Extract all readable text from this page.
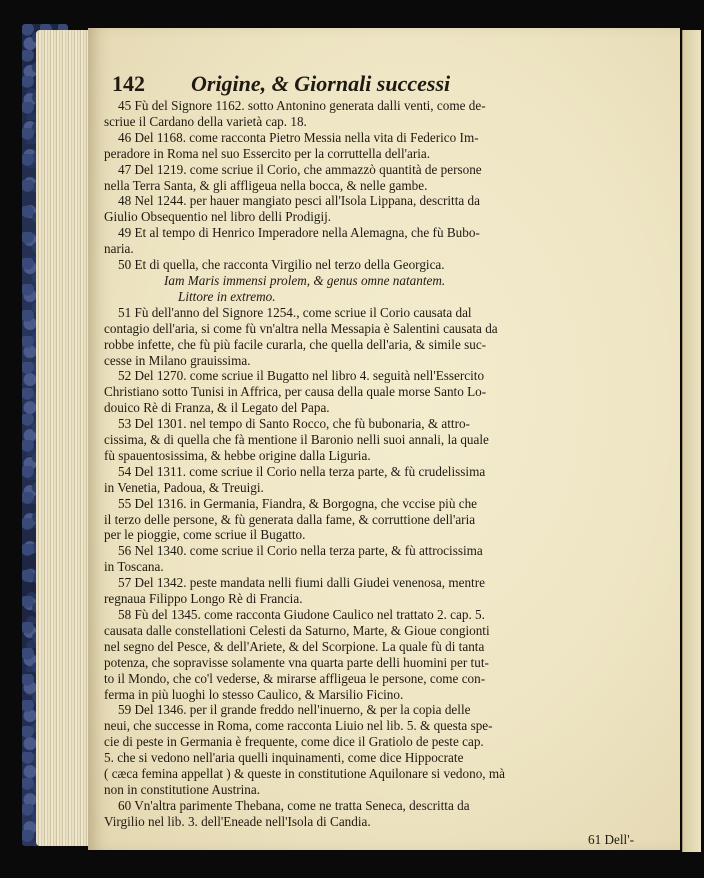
142 Origine, & Giornali successi
45 Fù del Signore 1162. sotto Antonino generata dalli venti, come de-
scriue il Cardano della varietà cap. 18.
46 Del 1168. come racconta Pietro Messia nella vita di Federico Im-
peradore in Roma nel suo Essercito per la corruttella dell'aria.
47 Del 1219. come scriue il Corio, che ammazzò quantità de persone
nella Terra Santa, & gli affligeua nella bocca, & nelle gambe.
48 Nel 1244. per hauer mangiato pesci all'Isola Lippana, descritta da
Giulio Obsequentio nel libro delli Prodigij.
49 Et al tempo di Henrico Imperadore nella Alemagna, che fù Bubo-
naria.
50 Et di quella, che racconta Virgilio nel terzo della Georgica.
Iam Maris immensi prolem, & genus omne natantem.
Littore in extremo.
51 Fù dell'anno del Signore 1254., come scriue il Corio causata dal
contagio dell'aria, si come fù vn'altra nella Messapia è Salentini causata da
robbe infette, che fù più facile curarla, che quella dell'aria, & simile suc-
cesse in Milano grauissima.
52 Del 1270. come scriue il Bugatto nel libro 4. seguità nell'Essercito
Christiano sotto Tunisi in Affrica, per causa della quale morse Santo Lo-
douico Rè di Franza, & il Legato del Papa.
53 Del 1301. nel tempo di Santo Rocco, che fù bubonaria, & attro-
cissima, & di quella che fà mentione il Baronio nelli suoi annali, la quale
fù spauentosissima, & hebbe origine dalla Liguria.
54 Del 1311. come scriue il Corio nella terza parte, & fù crudelissima
in Venetia, Padoua, & Treuigi.
55 Del 1316. in Germania, Fiandra, & Borgogna, che vccise più che
il terzo delle persone, & fù generata dalla fame, & corruttione dell'aria
per le pioggie, come scriue il Bugatto.
56 Nel 1340. come scriue il Corio nella terza parte, & fù attrocissima
in Toscana.
57 Del 1342. peste mandata nelli fiumi dalli Giudei venenosa, mentre
regnaua Filippo Longo Rè di Francia.
58 Fù del 1345. come racconta Giudone Caulico nel trattato 2. cap. 5.
causata dalle constellationi Celesti da Saturno, Marte, & Gioue congionti
nel segno del Pesce, & dell'Ariete, & del Scorpione. La quale fù di tanta
potenza, che sopravisse solamente vna quarta parte delli huomini per tut-
to il Mondo, che co'l vederse, & mirarse affligeua le persone, come con-
ferma in più luoghi lo stesso Caulico, & Marsilio Ficino.
59 Del 1346. per il grande freddo nell'inuerno, & per la copia delle
neui, che successe in Roma, come racconta Liuio nel lib. 5. & questa spe-
cie di peste in Germania è frequente, come dice il Gratiolo de peste cap.
5. che si vedono nell'aria quelli inquinamenti, come dice Hippocrate
( cæca femina appellat ) & queste in constitutione Aquilonare si vedono, mà
non in constitutione Austrina.
60 Vn'altra parimente Thebana, come ne tratta Seneca, descritta da
Virgilio nel lib. 3. dell'Eneade nell'Isola di Candia.
61 Dell'-
